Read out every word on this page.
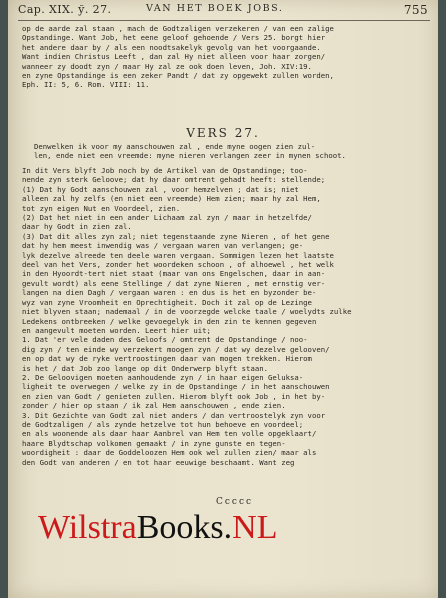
Cap. XIX. ў. 27.	VAN HET BOEK JOBS.	755
op de aarde zal staan , mach de Godtzaligen verzekeren / van een zalige
Opstandinge. Want Job, het eene geloof gehoende / Vers 25. borgt hier
het andere daar by / als een noodtsakelyk gevolg van het voorgaande.
Want indien Christus Leeft , dan zal Hy niet alleen voor haar zorgen/
wanneer zy doodt zyn / maar Hy zal ze ook doen leven, Joh. XIV:19.
en zyne Opstandinge is een zeker Pandt / dat zy opgewekt zullen worden,
Eph. II: 5, 6. Rom. VIII: 11.
VERS 27.
Denwelken ik voor my aanschouwen zal , ende myne oogen zien zul-
len, ende niet een vreemde: myne nieren verlangen zeer in mynen schoot.
In dit Vers blyft Job noch by de Artikel van de Opstandinge; too-
nende zyn sterk Geloove; dat hy daar omtrent gehadt heeft: stellende;
(1) Dat hy Godt aanschouwen zal , voor hemzelven ; dat is; niet
alleen zal hy zelfs (en niet een vreemde) Hem zien; maar hy zal Hem,
tot zyn eigen Nut en Voordeel, zien.
(2) Dat het niet in een ander Lichaam zal zyn / maar in hetzelfde/
daar hy Godt in zien zal.
(3) Dat dit alles zyn zal; niet tegenstaande zyne Nieren , of het gene
dat hy hem meest inwendig was / vergaan waren van verlangen; ge-
lyk dezelve alreede ten deele waren vergaan. Sommigen lezen het laatste
deel van het Vers, zonder het woordeken schoon , of alhoewel , het welk
in den Hyoordt-tert niet staat (maar van ons Engelschen, daar in aan-
gevult wordt) als eene Stellinge / dat zyne Nieren , met ernstig ver-
langen na dien Dagh / vergaan waren : en dus is het en byzonder be-
wyz van zyne Vroomheit en Oprechtigheit. Doch it zal op de Lezinge
niet blyven staan; nademaal / in de voorzegde welcke taale / woelydts zulke
Ledekens ontbreeken / welke gevoegelyk in den zin te kennen gegeven
en aangevult moeten worden. Leert hier uit;
1. Dat 'er vele daden des Geloofs / omtrent de Opstandinge / noo-
dig zyn / ten einde wy verzekert moogen zyn / dat wy dezelve gelooven/
en op dat wy de ryke vertroostingen daar van mogen trekken. Hierom
is het / dat Job zoo lange op dit Onderwerp blyft staan.
2. De Geloovigen moeten aanhoudende zyn / in haar eigen Geluksa-
ligheit te overwegen / welke zy in de Opstandinge / in het aanschouwen
en zien van Godt / genieten zullen. Hierom blyft ook Job , in het by-
zonder / hier op staan / ik zal Hem aanschouwen , ende zien.
3. Dit Gezichte van Godt zal niet anders / dan vertroostelyk zyn voor
de Godtzaligen / als zynde hetzelve tot hun behoeve en voordeel;
en als woonende als daar haar Aanbrel van Hem ten volle opgeklaart/
haare Blydtschap volkomen gemaakt / in zyne gunste en tegen-
woordigheit : daar de Goddeloozen Hem ook wel zullen zien/ maar als
den Godt van anderen / en tot haar eeuwige beschaamt. Want zeg
Ccccc
WilstraBooks.NL
